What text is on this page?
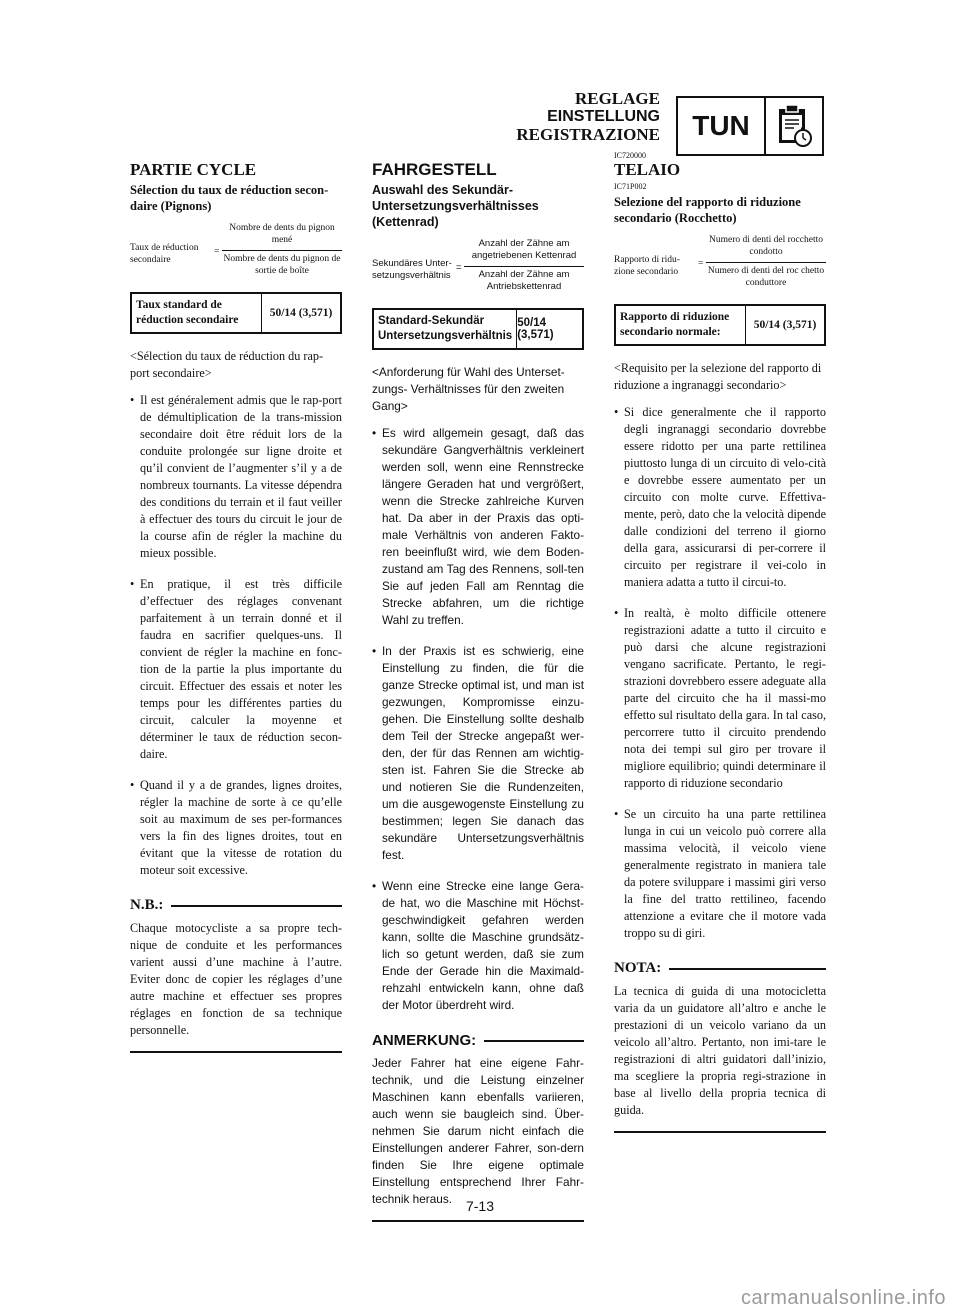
REGLAGE
EINSTELLUNG
REGISTRAZIONE	TUN
IC720000
PARTIE CYCLE
Sélection du taux de réduction secon-daire (Pignons)
Taux de réduction secondaire
=
Nombre de dents du pignon mené
Nombre de dents du pignon de sortie de boîte
Taux standard de réduction secondaire
50/14 (3,571)

<Sélection du taux de réduction du rap-port secondaire>

• Il est généralement admis que le rap-port de démultiplication de la trans-mission secondaire doit être réduit lors de la conduite prolongée sur ligne droite et qu’il convient de l’augmenter s’il y a de nombreux tournants. La vitesse dépendra des conditions du terrain et il faut veiller à effectuer des tours du circuit le jour de la course afin de régler la machine du mieux possible.

• En pratique, il est très difficile d’effectuer des réglages convenant parfaitement à un terrain donné et il faudra en sacrifier quelques-uns. Il convient de régler la machine en fonc-tion de la partie la plus importante du circuit. Effectuer des essais et noter les temps pour les différentes parties du circuit, calculer la moyenne et déterminer le taux de réduction secon-daire.

• Quand il y a de grandes, lignes droites, régler la machine de sorte à ce qu’elle soit au maximum de ses per-formances vers la fin des lignes droites, tout en évitant que la vitesse de rotation du moteur soit excessive.

N.B.:

Chaque motocycliste a sa propre tech-nique de conduite et les performances varient aussi d’une machine à l’autre. Eviter donc de copier les réglages d’une autre machine et effectuer ses propres réglages en fonction de sa technique personnelle.

FAHRGESTELL
Auswahl des Sekundär-Untersetzungsverhältnisses (Kettenrad)
Sekundäres Unter-setzungsverhältnis
=
Anzahl der Zähne am angetriebenen Kettenrad
Anzahl der Zähne am Antriebskettenrad
Standard-Sekundär Untersetzungsverhältnis
50/14 (3,571)

<Anforderung für Wahl des Unterset-zungs- Verhältnisses für den zweiten Gang>

• Es wird allgemein gesagt, daß das sekundäre Gangverhältnis verkleinert werden soll, wenn eine Rennstrecke längere Geraden hat und vergrößert, wenn die Strecke zahlreiche Kurven hat. Da aber in der Praxis das opti-male Verhältnis von anderen Fakto-ren beeinflußt wird, wie dem Boden-zustand am Tag des Rennens, soll-ten Sie auf jeden Fall am Renntag die Strecke abfahren, um die richtige Wahl zu treffen.

• In der Praxis ist es schwierig, eine Einstellung zu finden, die für die ganze Strecke optimal ist, und man ist gezwungen, Kompromisse einzu-gehen. Die Einstellung sollte deshalb dem Teil der Strecke angepaßt wer-den, der für das Rennen am wichtig-sten ist. Fahren Sie die Strecke ab und notieren Sie die Rundenzeiten, um die ausgewogenste Einstellung zu bestimmen; legen Sie danach das sekundäre Untersetzungsverhältnis fest.

• Wenn eine Strecke eine lange Gera-de hat, wo die Maschine mit Höchst-geschwindigkeit gefahren werden kann, sollte die Maschine grundsätz-lich so getunt werden, daß sie zum Ende der Gerade hin die Maximald-rehzahl entwickeln kann, ohne daß der Motor überdreht wird.

ANMERKUNG:

Jeder Fahrer hat eine eigene Fahr-technik, und die Leistung einzelner Maschinen kann ebenfalls variieren, auch wenn sie baugleich sind. Über-nehmen Sie darum nicht einfach die Einstellungen anderer Fahrer, son-dern finden Sie Ihre eigene optimale Einstellung entsprechend Ihrer Fahr-technik heraus.

TELAIO
IC71P002
Selezione del rapporto di riduzione secondario (Rocchetto)
Rapporto di ridu-zione secondario
=
Numero di denti del rocchetto condotto
Numero di denti del roc chetto conduttore
Rapporto di riduzione secondario normale:
50/14 (3,571)

<Requisito per la selezione del rapporto di riduzione a ingranaggi secondario>

• Si dice generalmente che il rapporto degli ingranaggi secondario dovrebbe essere ridotto per una parte rettilinea piuttosto lunga di un circuito di velo-cità e dovrebbe essere aumentato per un circuito con molte curve. Effettiva-mente, però, dato che la velocità dipende dalle condizioni del terreno il giorno della gara, assicurarsi di per-correre il circuito per registrare il vei-colo in maniera adatta a tutto il circui-to.

• In realtà, è molto difficile ottenere registrazioni adatte a tutto il circuito e può darsi che alcune registrazioni vengano sacrificate. Pertanto, le regi-strazioni dovrebbero essere adeguate alla parte del circuito che ha il massi-mo effetto sul risultato della gara. In tal caso, percorrere tutto il circuito prendendo nota dei tempi sul giro per trovare il migliore equilibrio; quindi determinare il rapporto di riduzione secondario

• Se un circuito ha una parte rettilinea lunga in cui un veicolo può correre alla massima velocità, il veicolo viene generalmente registrato in maniera tale da potere sviluppare i massimi giri verso la fine del tratto rettilineo, facendo attenzione a evitare che il motore vada troppo su di giri.

NOTA:

La tecnica di guida di una motocicletta varia da un guidatore all’altro e anche le prestazioni di un veicolo variano da un veicolo all’altro. Pertanto, non imi-tare le registrazioni di altri guidatori dall’inizio, ma scegliere la propria regi-strazione in base al livello della propria tecnica di guida.

7-13
carmanualsonline.info
